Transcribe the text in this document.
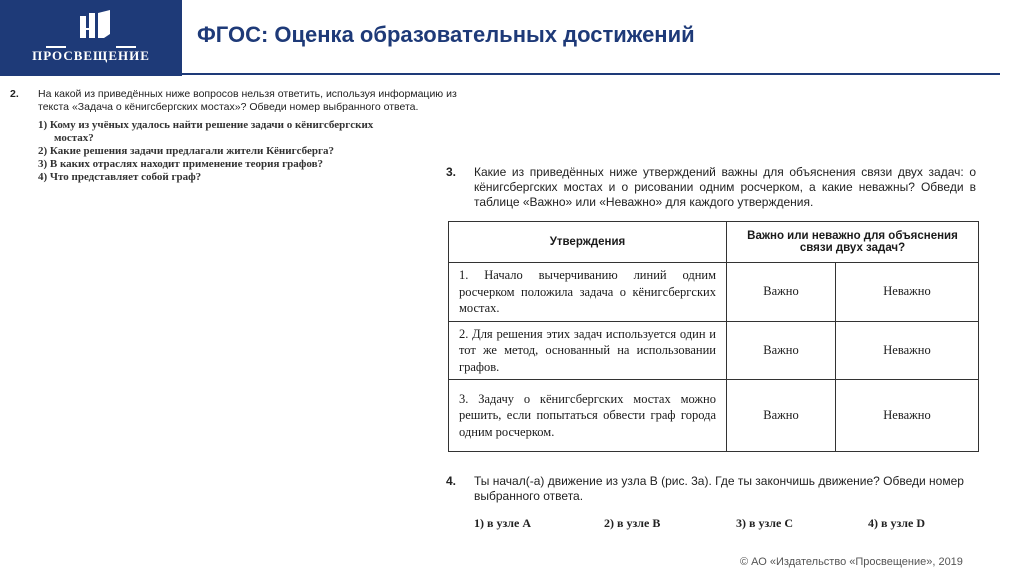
ПРОСВЕЩЕНИЕ
ФГОС: Оценка образовательных достижений
2. На какой из приведённых ниже вопросов нельзя ответить, используя информацию из текста «Задача о кёнигсбергских мостах»? Обведи номер выбранного ответа.
1) Кому из учёных удалось найти решение задачи о кёнигсбергских
мостах?
2) Какие решения задачи предлагали жители Кёнигсберга?
3) В каких отраслях находит применение теория графов?
4) Что представляет собой граф?	3. Какие из приведённых ниже утверждений важны для объяснения связи двух задач: о кёнигсбергских мостах и о рисовании одним росчерком, а какие неважны? Обведи в таблице «Важно» или «Неважно» для каждого утверждения.
Утверждения	Важно или неважно для объяснения связи двух задач?	
1. Начало вычерчиванию линий одним росчерком положила задача о кёнигсбергских мостах.	Важно	Неважно
2. Для решения этих задач используется один и тот же метод, основанный на использовании графов.	Важно	Неважно
3. Задачу о кёнигсбергских мостах можно решить, если попытаться обвести граф города одним росчерком.	Важно	Неважно
4. Ты начал(-а) движение из узла B (рис. 3а). Где ты закончишь движение? Обведи номер выбранного ответа.
1) в узле A	2) в узле B	3) в узле C	4) в узле D
© АО «Издательство «Просвещение», 2019
